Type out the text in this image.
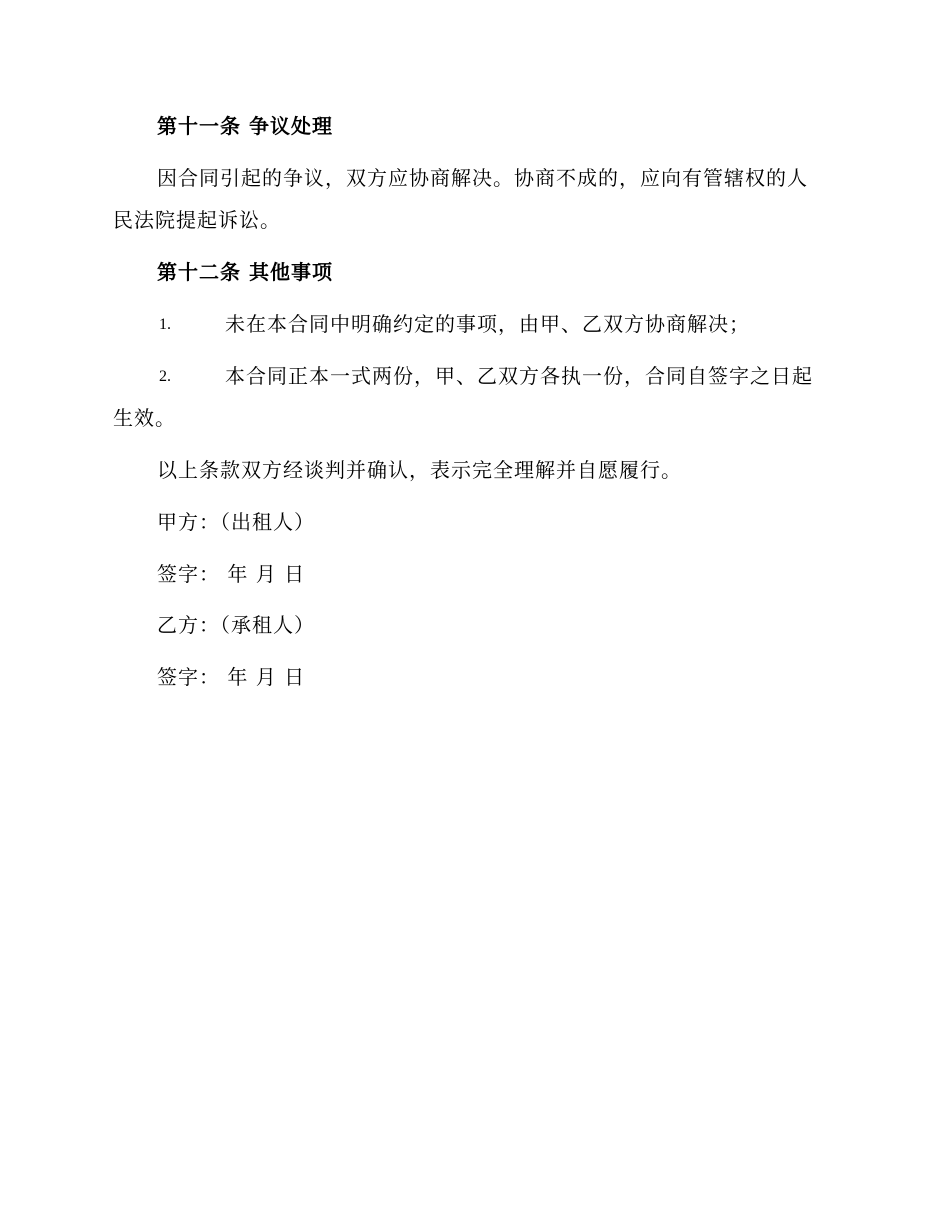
第十一条 争议处理
因合同引起的争议，双方应协商解决。协商不成的，应向有管辖权的人
民法院提起诉讼。
第十二条 其他事项
1.	未在本合同中明确约定的事项，由甲、乙双方协商解决；
2.	本合同正本一式两份，甲、乙双方各执一份，合同自签字之日起
生效。
以上条款双方经谈判并确认，表示完全理解并自愿履行。
甲方：（出租人）
签字： 年 月 日
乙方：（承租人）
签字： 年 月 日
